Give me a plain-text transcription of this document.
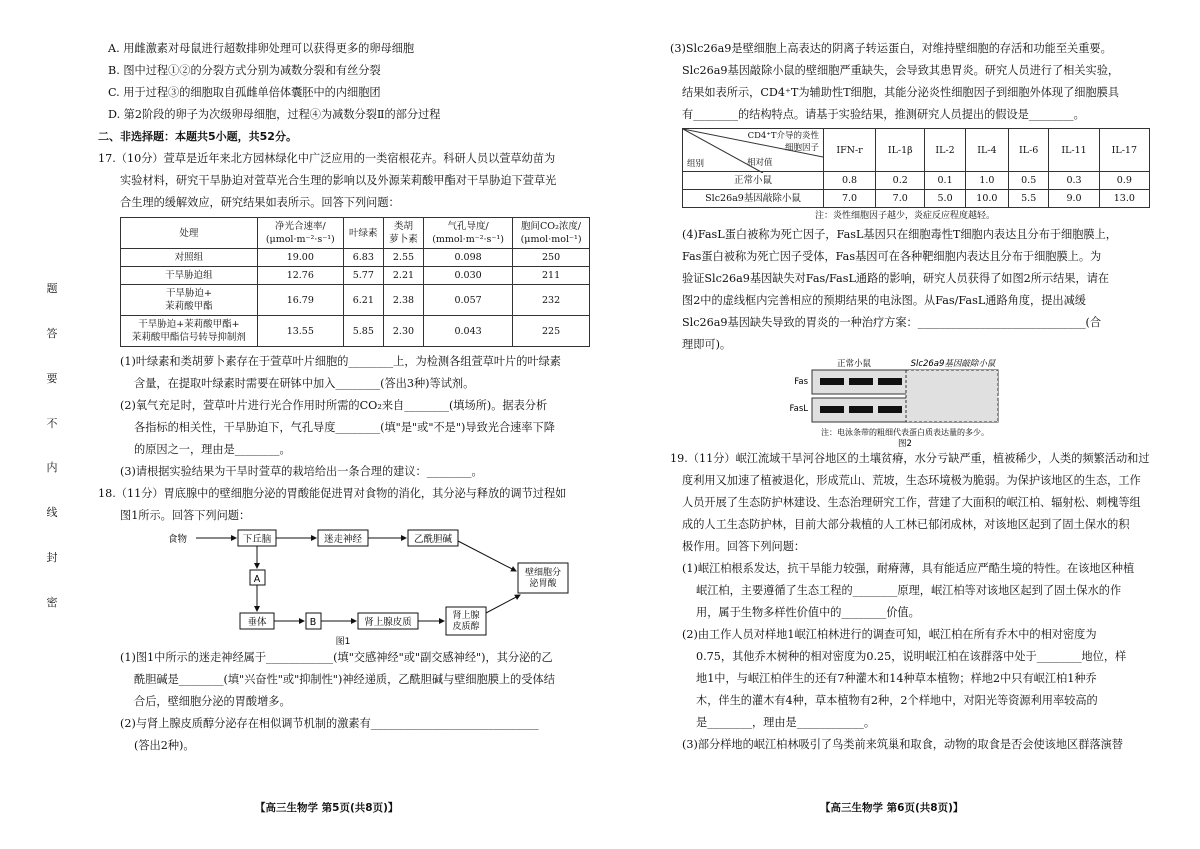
题
答
要
不
内
线
封
密

A. 用雌激素对母鼠进行超数排卵处理可以获得更多的卵母细胞

B. 图中过程①②的分裂方式分别为减数分裂和有丝分裂

C. 用于过程③的细胞取自孤雌单倍体囊胚中的内细胞团

D. 第2阶段的卵子为次级卵母细胞，过程④为减数分裂Ⅱ的部分过程

二、非选择题：本题共5小题，共52分。

17.（10分）萱草是近年来北方园林绿化中广泛应用的一类宿根花卉。科研人员以萱草幼苗为

实验材料，研究干旱胁迫对萱草光合生理的影响以及外源茉莉酸甲酯对干旱胁迫下萱草光

合生理的缓解效应，研究结果如表所示。回答下列问题：

处理	净光合速率/
(μmol·m⁻²·s⁻¹)	叶绿素	类胡
萝卜素	气孔导度/
(mmol·m⁻²·s⁻¹)	胞间CO₂浓度/
(μmol·mol⁻¹)
对照组	19.00	6.83	2.55	0.098	250
干旱胁迫组	12.76	5.77	2.21	0.030	211
干旱胁迫+
茉莉酸甲酯	16.79	6.21	2.38	0.057	232
干旱胁迫+茉莉酸甲酯+
茉莉酸甲酯信号转导抑制剂	13.55	5.85	2.30	0.043	225

(1)叶绿素和类胡萝卜素存在于萱草叶片细胞的________上，为检测各组萱草叶片的叶绿素

含量，在提取叶绿素时需要在研钵中加入________(答出3种)等试剂。

(2)氧气充足时，萱草叶片进行光合作用时所需的CO₂来自________(填场所)。据表分析

各指标的相关性，干旱胁迫下，气孔导度________(填"是"或"不是")导致光合速率下降

的原因之一，理由是________。

(3)请根据实验结果为干旱时萱草的栽培给出一条合理的建议：________。

18.（11分）胃底腺中的壁细胞分泌的胃酸能促进胃对食物的消化，其分泌与释放的调节过程如

图1所示。回答下列问题：

食物	下丘脑	迷走神经	乙酰胆碱
壁细胞分泌胃酸
A
垂体	B	肾上腺皮质
肾上腺皮质醇
图1

(1)图1中所示的迷走神经属于____________(填"交感神经"或"副交感神经")，其分泌的乙

酰胆碱是________(填"兴奋性"或"抑制性")神经递质，乙酰胆碱与壁细胞膜上的受体结

合后，壁细胞分泌的胃酸增多。

(2)与肾上腺皮质醇分泌存在相似调节机制的激素有______________________________

(答出2种)。

【高三生物学 第5页(共8页)】

(3)Slc26a9是壁细胞上高表达的阴离子转运蛋白，对维持壁细胞的存活和功能至关重要。

Slc26a9基因敲除小鼠的壁细胞严重缺失，会导致其患胃炎。研究人员进行了相关实验，

结果如表所示，CD4⁺T为辅助性T细胞，其能分泌炎性细胞因子到细胞外体现了细胞膜具

有________的结构特点。请基于实验结果，推测研究人员提出的假设是________。

CD4⁺T介导的炎性
细胞因子
相对值
组别	IFN-r	IL-1β	IL-2	IL-4	IL-6	IL-11	IL-17
正常小鼠	0.8	0.2	0.1	1.0	0.5	0.3	0.9
Slc26a9基因敲除小鼠	7.0	7.0	5.0	10.0	5.5	9.0	13.0

注：炎性细胞因子越少，炎症反应程度越轻。

(4)FasL蛋白被称为死亡因子，FasL基因只在细胞毒性T细胞内表达且分布于细胞膜上，

Fas蛋白被称为死亡因子受体，Fas基因可在各种靶细胞内表达且分布于细胞膜上。为

验证Slc26a9基因缺失对Fas/FasL通路的影响，研究人员获得了如图2所示结果，请在

图2中的虚线框内完善相应的预期结果的电泳图。从Fas/FasL通路角度，提出减缓

Slc26a9基因缺失导致的胃炎的一种治疗方案：______________________________(合

理即可)。

正常小鼠	Slc26a9基因敲除小鼠
Fas
FasL
注：电泳条带的粗细代表蛋白质表达量的多少。
图2

19.（11分）岷江流域干旱河谷地区的土壤贫瘠，水分亏缺严重，植被稀少，人类的频繁活动和过

度利用又加速了植被退化，形成荒山、荒坡，生态环境极为脆弱。为保护该地区的生态，工作

人员开展了生态防护林建设、生态治理研究工作，营建了大面积的岷江柏、辐射松、刺槐等组

成的人工生态防护林，目前大部分栽植的人工林已郁闭成林，对该地区起到了固土保水的积

极作用。回答下列问题：

(1)岷江柏根系发达，抗干旱能力较强，耐瘠薄，具有能适应严酷生境的特性。在该地区种植

岷江柏，主要遵循了生态工程的________原理，岷江柏等对该地区起到了固土保水的作

用，属于生物多样性价值中的________价值。

(2)由工作人员对样地1岷江柏林进行的调查可知，岷江柏在所有乔木中的相对密度为

0.75，其他乔木树种的相对密度为0.25，说明岷江柏在该群落中处于________地位，样

地1中，与岷江柏伴生的还有7种灌木和14种草本植物；样地2中只有岷江柏1种乔

木，伴生的灌木有4种，草本植物有2种，2个样地中，对阳光等资源利用率较高的

是________，理由是____________。

(3)部分样地的岷江柏林吸引了鸟类前来筑巢和取食，动物的取食是否会使该地区群落演替

【高三生物学 第6页(共8页)】
